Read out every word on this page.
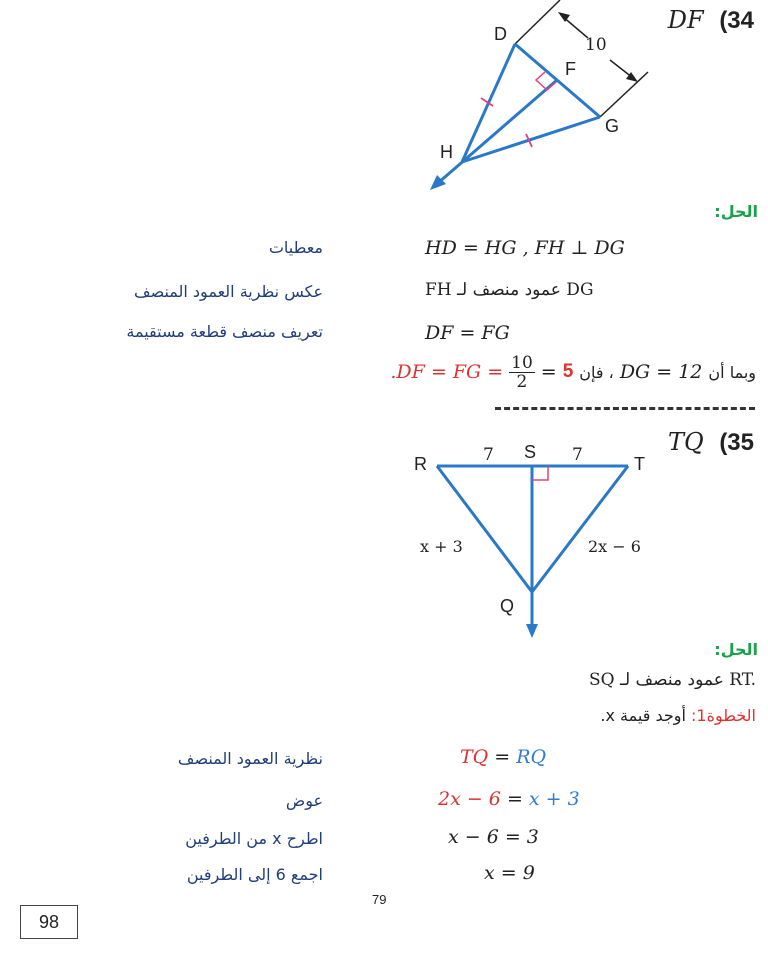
DF (34
D
F
G
H
10
الحل:
HD = HG , FH ⊥ DG
معطيات
FH عمود منصف لـ DG
عكس نظرية العمود المنصف
DF = FG
تعريف منصف قطعة مستقيمة
.DF = FG = $\frac{10}{2} = 5$ ، فإن DG = 12 وبما أن
TQ (35
R
S
T
Q
7	7
x + 3	2x − 6
الحل:
SQ عمود منصف لـ RT.
الخطوة1: أوجد قيمة x.
TQ = RQ
نظرية العمود المنصف
2x − 6 = x + 3
عوض
x − 6 = 3
اطرح x من الطرفين
x = 9
اجمع 6 إلى الطرفين
79
98
